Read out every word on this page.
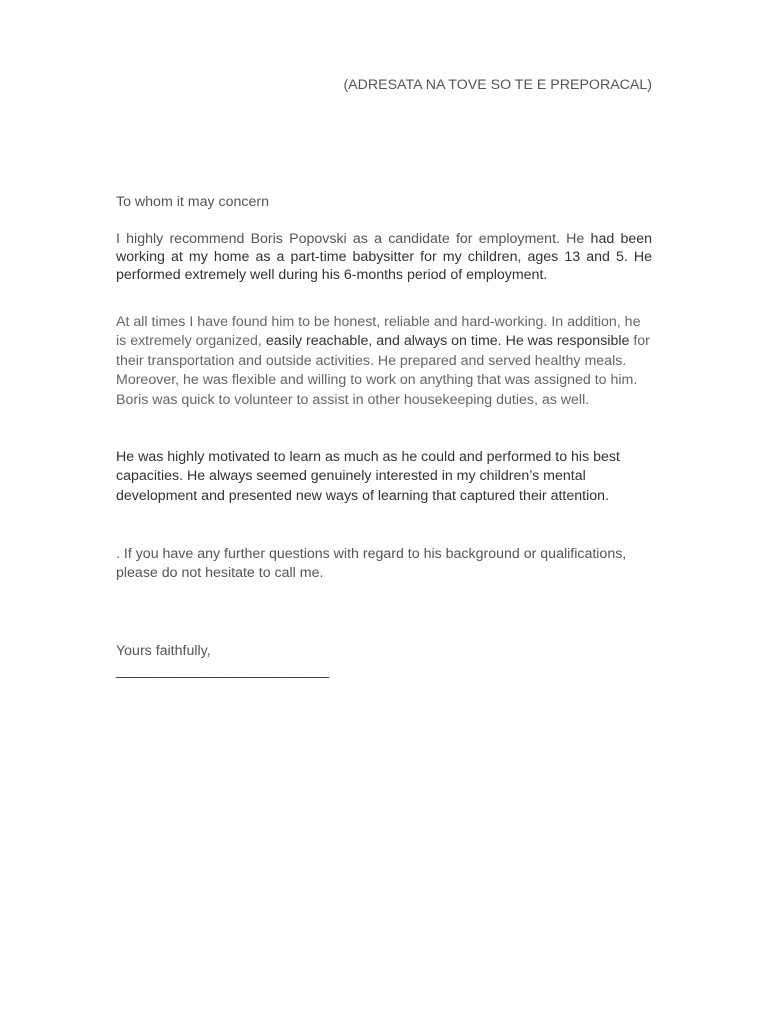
(ADRESATA NA TOVE SO TE E PREPORACAL)

To whom it may concern

I highly recommend Boris Popovski as a candidate for employment. He had been working at my home as a part-time babysitter for my children, ages 13 and 5. He performed extremely well during his 6-months period of employment.

At all times I have found him to be honest, reliable and hard-working. In addition, he is extremely organized, easily reachable, and always on time. He was responsible for their transportation and outside activities. He prepared and served healthy meals. Moreover, he was flexible and willing to work on anything that was assigned to him. Boris was quick to volunteer to assist in other housekeeping duties, as well.

He was highly motivated to learn as much as he could and performed to his best capacities. He always seemed genuinely interested in my children’s mental development and presented new ways of learning that captured their attention.

. If you have any further questions with regard to his background or qualifications, please do not hesitate to call me.

Yours faithfully,

___________________________
